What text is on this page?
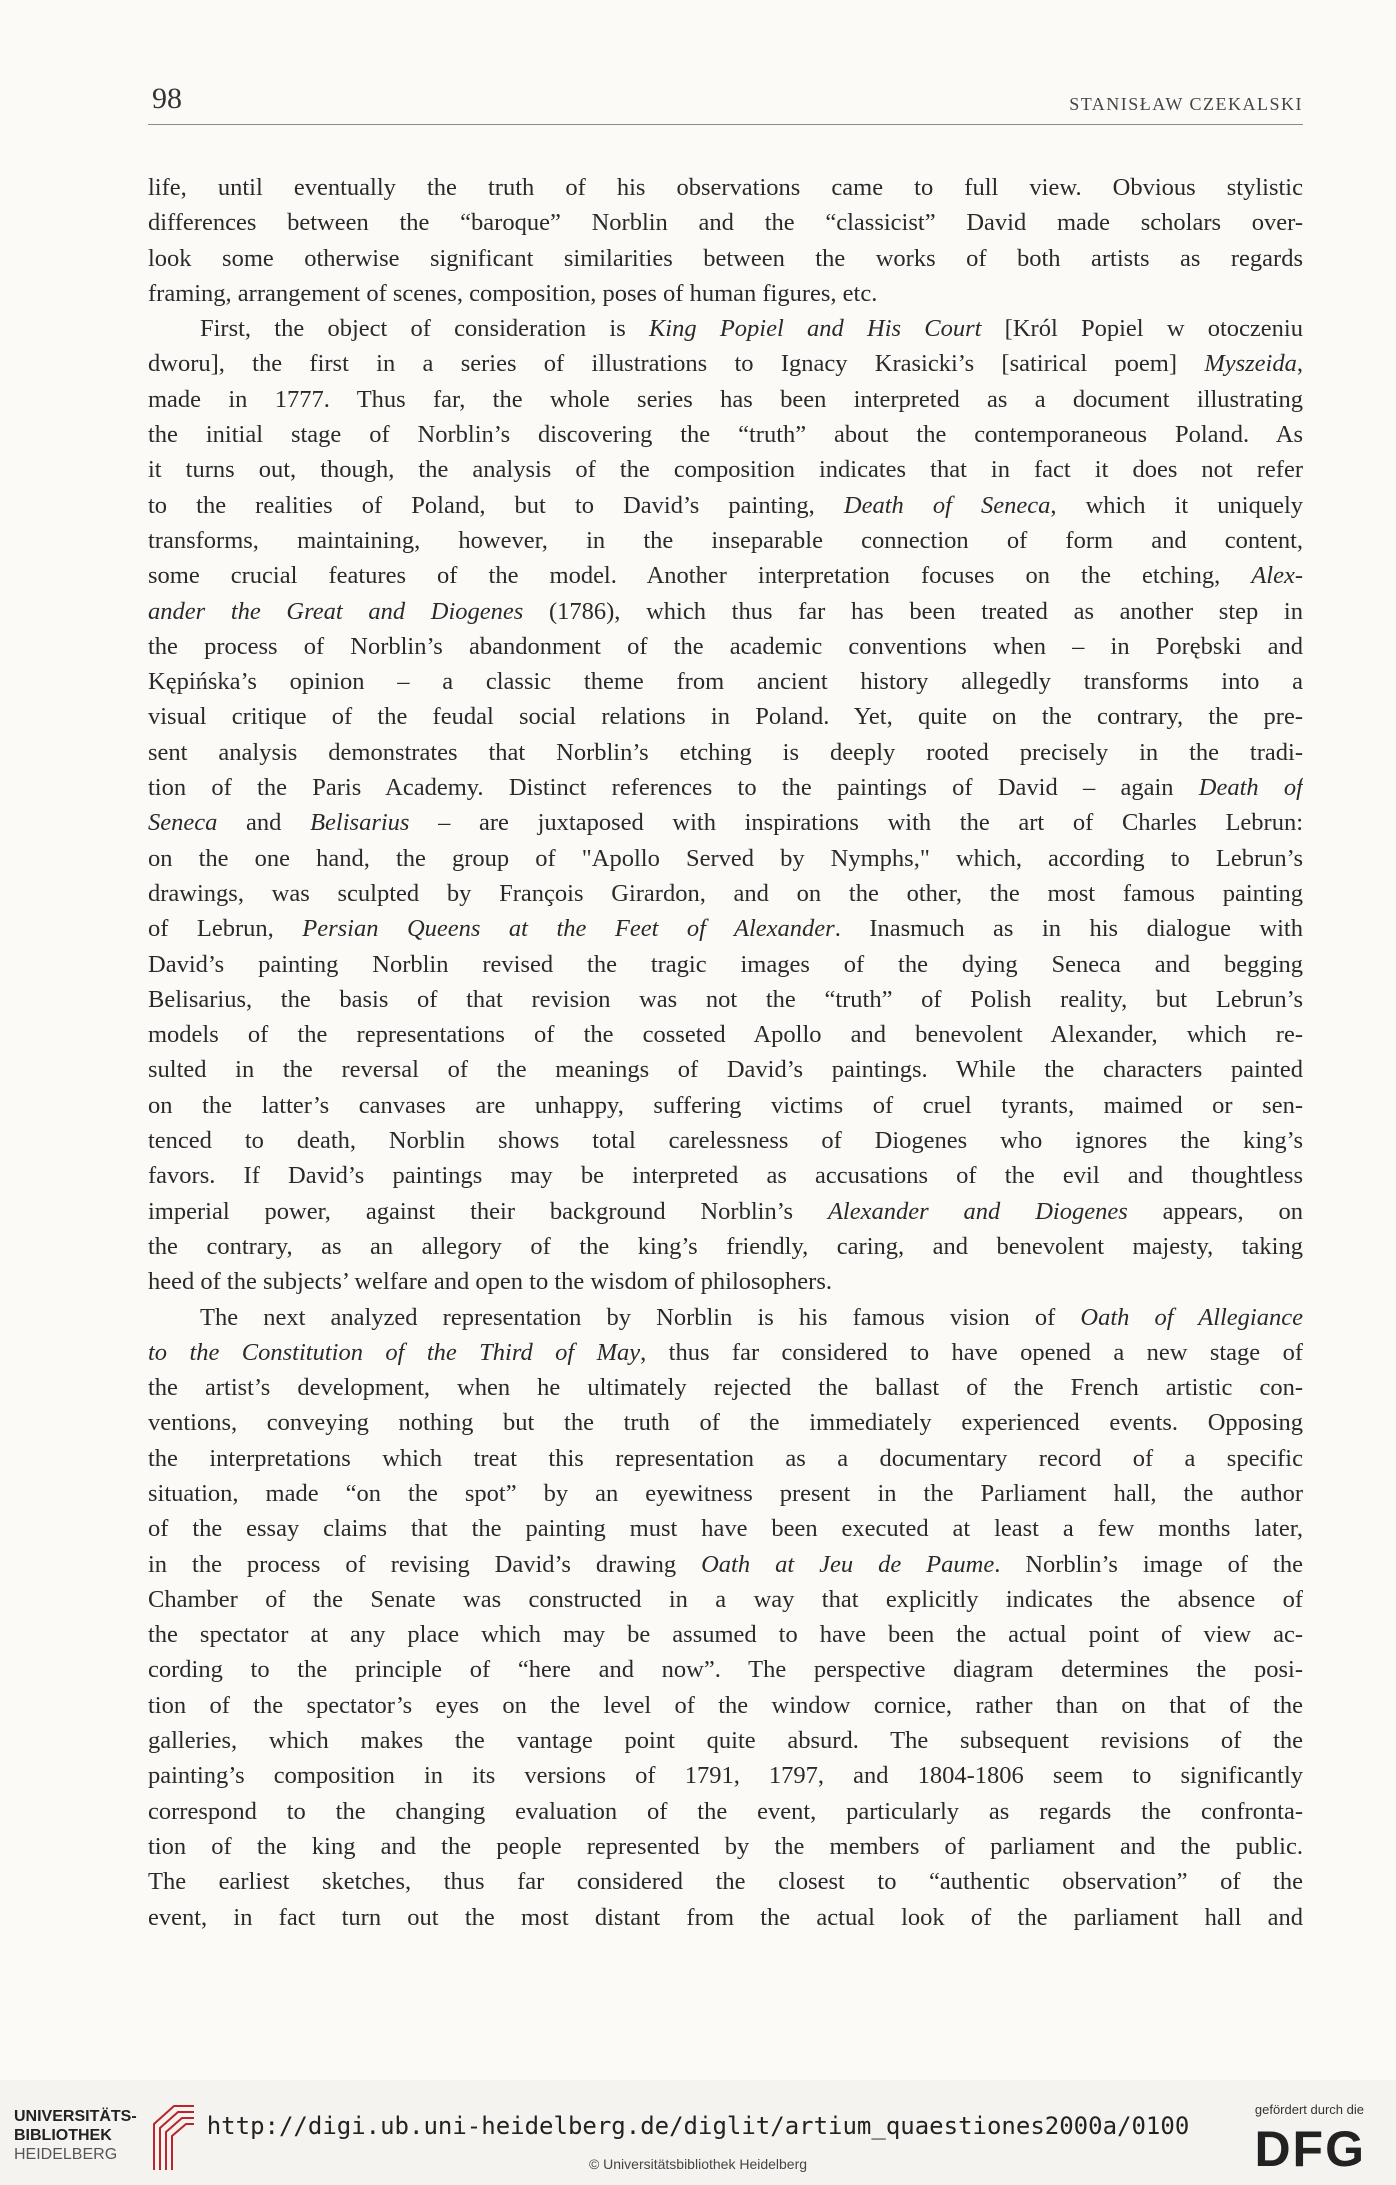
98	STANISŁAW CZEKALSKI
life, until eventually the truth of his observations came to full view. Obvious stylistic
differences between the “baroque” Norblin and the “classicist” David made scholars over-
look some otherwise significant similarities between the works of both artists as regards
framing, arrangement of scenes, composition, poses of human figures, etc.
First, the object of consideration is King Popiel and His Court [Król Popiel w otoczeniu
dworu], the first in a series of illustrations to Ignacy Krasicki’s [satirical poem] Myszeida,
made in 1777. Thus far, the whole series has been interpreted as a document illustrating
the initial stage of Norblin’s discovering the “truth” about the contemporaneous Poland. As
it turns out, though, the analysis of the composition indicates that in fact it does not refer
to the realities of Poland, but to David’s painting, Death of Seneca, which it uniquely
transforms, maintaining, however, in the inseparable connection of form and content,
some crucial features of the model. Another interpretation focuses on the etching, Alex-
ander the Great and Diogenes (1786), which thus far has been treated as another step in
the process of Norblin’s abandonment of the academic conventions when – in Porębski and
Kępińska’s opinion – a classic theme from ancient history allegedly transforms into a
visual critique of the feudal social relations in Poland. Yet, quite on the contrary, the pre-
sent analysis demonstrates that Norblin’s etching is deeply rooted precisely in the tradi-
tion of the Paris Academy. Distinct references to the paintings of David – again Death of
Seneca and Belisarius – are juxtaposed with inspirations with the art of Charles Lebrun:
on the one hand, the group of "Apollo Served by Nymphs," which, according to Lebrun’s
drawings, was sculpted by François Girardon, and on the other, the most famous painting
of Lebrun, Persian Queens at the Feet of Alexander. Inasmuch as in his dialogue with
David’s painting Norblin revised the tragic images of the dying Seneca and begging
Belisarius, the basis of that revision was not the “truth” of Polish reality, but Lebrun’s
models of the representations of the cosseted Apollo and benevolent Alexander, which re-
sulted in the reversal of the meanings of David’s paintings. While the characters painted
on the latter’s canvases are unhappy, suffering victims of cruel tyrants, maimed or sen-
tenced to death, Norblin shows total carelessness of Diogenes who ignores the king’s
favors. If David’s paintings may be interpreted as accusations of the evil and thoughtless
imperial power, against their background Norblin’s Alexander and Diogenes appears, on
the contrary, as an allegory of the king’s friendly, caring, and benevolent majesty, taking
heed of the subjects’ welfare and open to the wisdom of philosophers.
The next analyzed representation by Norblin is his famous vision of Oath of Allegiance
to the Constitution of the Third of May, thus far considered to have opened a new stage of
the artist’s development, when he ultimately rejected the ballast of the French artistic con-
ventions, conveying nothing but the truth of the immediately experienced events. Opposing
the interpretations which treat this representation as a documentary record of a specific
situation, made “on the spot” by an eyewitness present in the Parliament hall, the author
of the essay claims that the painting must have been executed at least a few months later,
in the process of revising David’s drawing Oath at Jeu de Paume. Norblin’s image of the
Chamber of the Senate was constructed in a way that explicitly indicates the absence of
the spectator at any place which may be assumed to have been the actual point of view ac-
cording to the principle of “here and now”. The perspective diagram determines the posi-
tion of the spectator’s eyes on the level of the window cornice, rather than on that of the
galleries, which makes the vantage point quite absurd. The subsequent revisions of the
painting’s composition in its versions of 1791, 1797, and 1804-1806 seem to significantly
correspond to the changing evaluation of the event, particularly as regards the confronta-
tion of the king and the people represented by the members of parliament and the public.
The earliest sketches, thus far considered the closest to “authentic observation” of the
event, in fact turn out the most distant from the actual look of the parliament hall and
UNIVERSITÄTS-
BIBLIOTHEK
HEIDELBERG
http://digi.ub.uni-heidelberg.de/diglit/artium_quaestiones2000a/0100
© Universitätsbibliothek Heidelberg
gefördert durch die
DFG
